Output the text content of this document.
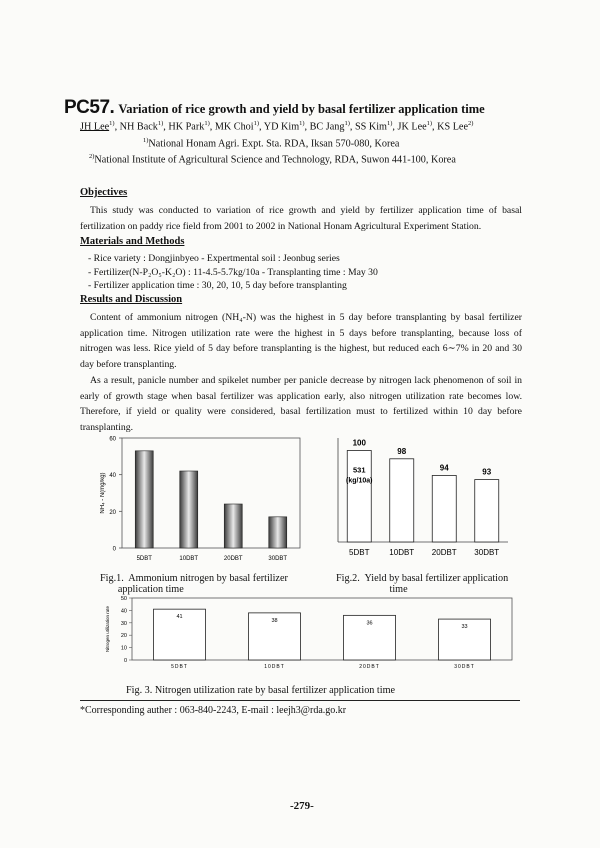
PC57. Variation of rice growth and yield by basal fertilizer application time
JH Lee$^{1)}$, NH Back$^{1)}$, HK Park$^{1)}$, MK Choi$^{1)}$, YD Kim$^{1)}$, BC Jang$^{1)}$, SS Kim$^{1)}$, JK Lee$^{1)}$, KS Lee$^{2)}$
$^{1)}$National Honam Agri. Expt. Sta. RDA, Iksan 570-080, Korea
$^{2)}$National Institute of Agricultural Science and Technology, RDA, Suwon 441-100, Korea
Objectives
This study was conducted to variation of rice growth and yield by fertilizer application time of basal fertilization on paddy rice field from 2001 to 2002 in National Honam Agricultural Experiment Station.
Materials and Methods
- Rice variety : Dongjinbyeo - Expertmental soil : Jeonbug series
- Fertilizer(N-P₂O₅-K₂O) : 11-4.5-5.7kg/10a - Transplanting time : May 30
- Fertilizer application time : 30, 20, 10, 5 day before transplanting
Results and Discussion
Content of ammonium nitrogen (NH₄-N) was the highest in 5 day before transplanting by basal fertilizer application time. Nitrogen utilization rate were the highest in 5 days before transplanting, because loss of nitrogen was less. Rice yield of 5 day before transplanting is the highest, but reduced each 6∼7% in 20 and 30 day before transplanting.
As a result, panicle number and spikelet number per panicle decrease by nitrogen lack phenomenon of soil in early of growth stage when basal fertilizer was application early, also nitrogen utilization rate becomes low. Therefore, if yield or quality were considered, basal fertilization must to fertilized within 10 day before transplanting.
0
20
40
60
NH₄ - N(mg/kg)
5DBT	10DBT	20DBT	30DBT
Fig.1.  Ammonium nitrogen by basal fertilizer
application time
100
5DBT
98
10DBT
94
20DBT
93
30DBT
531
(kg/10a)
Fig.2.  Yield by basal fertilizer application
time
0
10
20
30
40
50
Nitrogen utilization rate	41
5DBT
38
10DBT
36
20DBT
33
30DBT
Fig. 3. Nitrogen utilization rate by basal fertilizer application time
*Corresponding auther : 063-840-2243, E-mail : leejh3@rda.go.kr
-279-
